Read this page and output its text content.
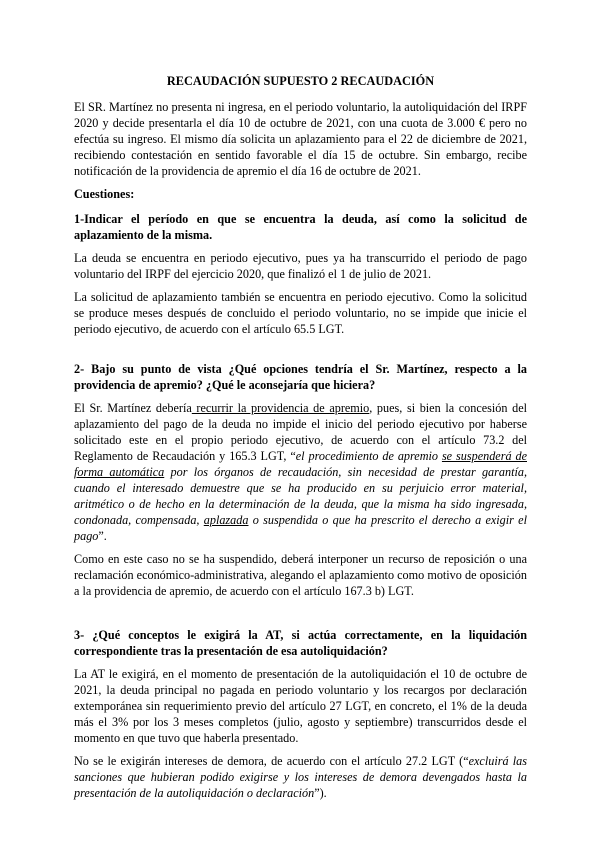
RECAUDACIÓN SUPUESTO 2 RECAUDACIÓN

El SR. Martínez no presenta ni ingresa, en el periodo voluntario, la autoliquidación del IRPF 2020 y decide presentarla el día 10 de octubre de 2021, con una cuota de 3.000 € pero no efectúa su ingreso. El mismo día solicita un aplazamiento para el 22 de diciembre de 2021, recibiendo contestación en sentido favorable el día 15 de octubre. Sin embargo, recibe notificación de la providencia de apremio el día 16 de octubre de 2021.

Cuestiones:

1-Indicar el período en que se encuentra la deuda, así como la solicitud de aplazamiento de la misma.

La deuda se encuentra en periodo ejecutivo, pues ya ha transcurrido el periodo de pago voluntario del IRPF del ejercicio 2020, que finalizó el 1 de julio de 2021.

La solicitud de aplazamiento también se encuentra en periodo ejecutivo. Como la solicitud se produce meses después de concluido el periodo voluntario, no se impide que inicie el periodo ejecutivo, de acuerdo con el artículo 65.5 LGT.

2- Bajo su punto de vista ¿Qué opciones tendría el Sr. Martínez, respecto a la providencia de apremio? ¿Qué le aconsejaría que hiciera?

El Sr. Martínez debería recurrir la providencia de apremio, pues, si bien la concesión del aplazamiento del pago de la deuda no impide el inicio del periodo ejecutivo por haberse solicitado este en el propio periodo ejecutivo, de acuerdo con el artículo 73.2 del Reglamento de Recaudación y 165.3 LGT, “el procedimiento de apremio se suspenderá de forma automática por los órganos de recaudación, sin necesidad de prestar garantía, cuando el interesado demuestre que se ha producido en su perjuicio error material, aritmético o de hecho en la determinación de la deuda, que la misma ha sido ingresada, condonada, compensada, aplazada o suspendida o que ha prescrito el derecho a exigir el pago”.

Como en este caso no se ha suspendido, deberá interponer un recurso de reposición o una reclamación económico-administrativa, alegando el aplazamiento como motivo de oposición a la providencia de apremio, de acuerdo con el artículo 167.3 b) LGT.

3- ¿Qué conceptos le exigirá la AT, si actúa correctamente, en la liquidación correspondiente tras la presentación de esa autoliquidación?

La AT le exigirá, en el momento de presentación de la autoliquidación el 10 de octubre de 2021, la deuda principal no pagada en periodo voluntario y los recargos por declaración extemporánea sin requerimiento previo del artículo 27 LGT, en concreto, el 1% de la deuda más el 3% por los 3 meses completos (julio, agosto y septiembre) transcurridos desde el momento en que tuvo que haberla presentado.

No se le exigirán intereses de demora, de acuerdo con el artículo 27.2 LGT (“excluirá las sanciones que hubieran podido exigirse y los intereses de demora devengados hasta la presentación de la autoliquidación o declaración”).
